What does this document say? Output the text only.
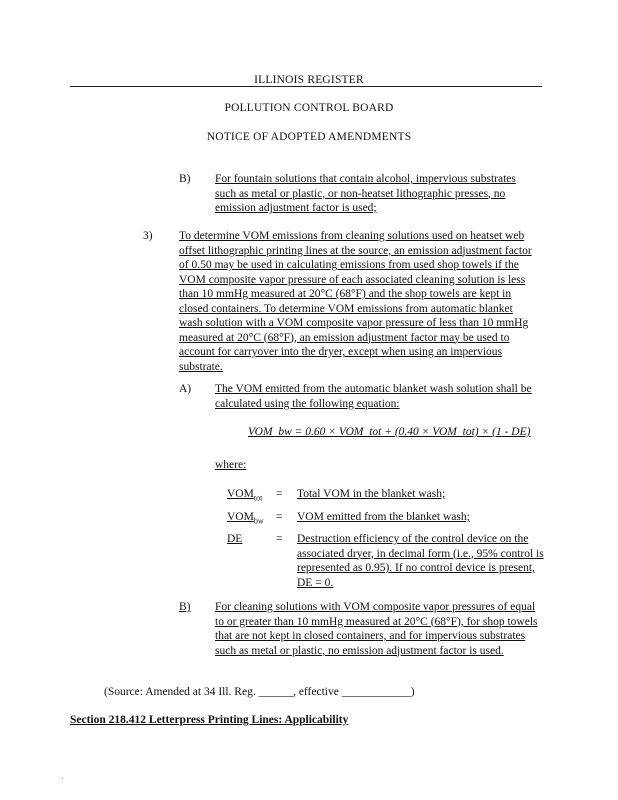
ILLINOIS REGISTER
POLLUTION CONTROL BOARD
NOTICE OF ADOPTED AMENDMENTS
B) For fountain solutions that contain alcohol, impervious substrates such as metal or plastic, or non-heatset lithographic presses, no emission adjustment factor is used;
3) To determine VOM emissions from cleaning solutions used on heatset web offset lithographic printing lines at the source, an emission adjustment factor of 0.50 may be used in calculating emissions from used shop towels if the VOM composite vapor pressure of each associated cleaning solution is less than 10 mmHg measured at 20°C (68°F) and the shop towels are kept in closed containers. To determine VOM emissions from automatic blanket wash solution with a VOM composite vapor pressure of less than 10 mmHg measured at 20°C (68°F), an emission adjustment factor may be used to account for carryover into the dryer, except when using an impervious substrate.
A) The VOM emitted from the automatic blanket wash solution shall be calculated using the following equation:
VOM_bw = 0.60 × VOM_tot + (0.40 × VOM_tot) × (1 - DE)
where:
$VOM_{tot}$ = Total VOM in the blanket wash;
$VOM_{bw}$ = VOM emitted from the blanket wash;
DE	= Destruction efficiency of the control device on the associated dryer, in decimal form (i.e., 95% control is represented as 0.95). If no control device is present, DE = 0.
B) For cleaning solutions with VOM composite vapor pressures of equal to or greater than 10 mmHg measured at 20°C (68°F), for shop towels that are not kept in closed containers, and for impervious substrates such as metal or plastic, no emission adjustment factor is used.
(Source: Amended at 34 Ill. Reg. ______, effective ____________)
Section 218.412 Letterpress Printing Lines: Applicability
